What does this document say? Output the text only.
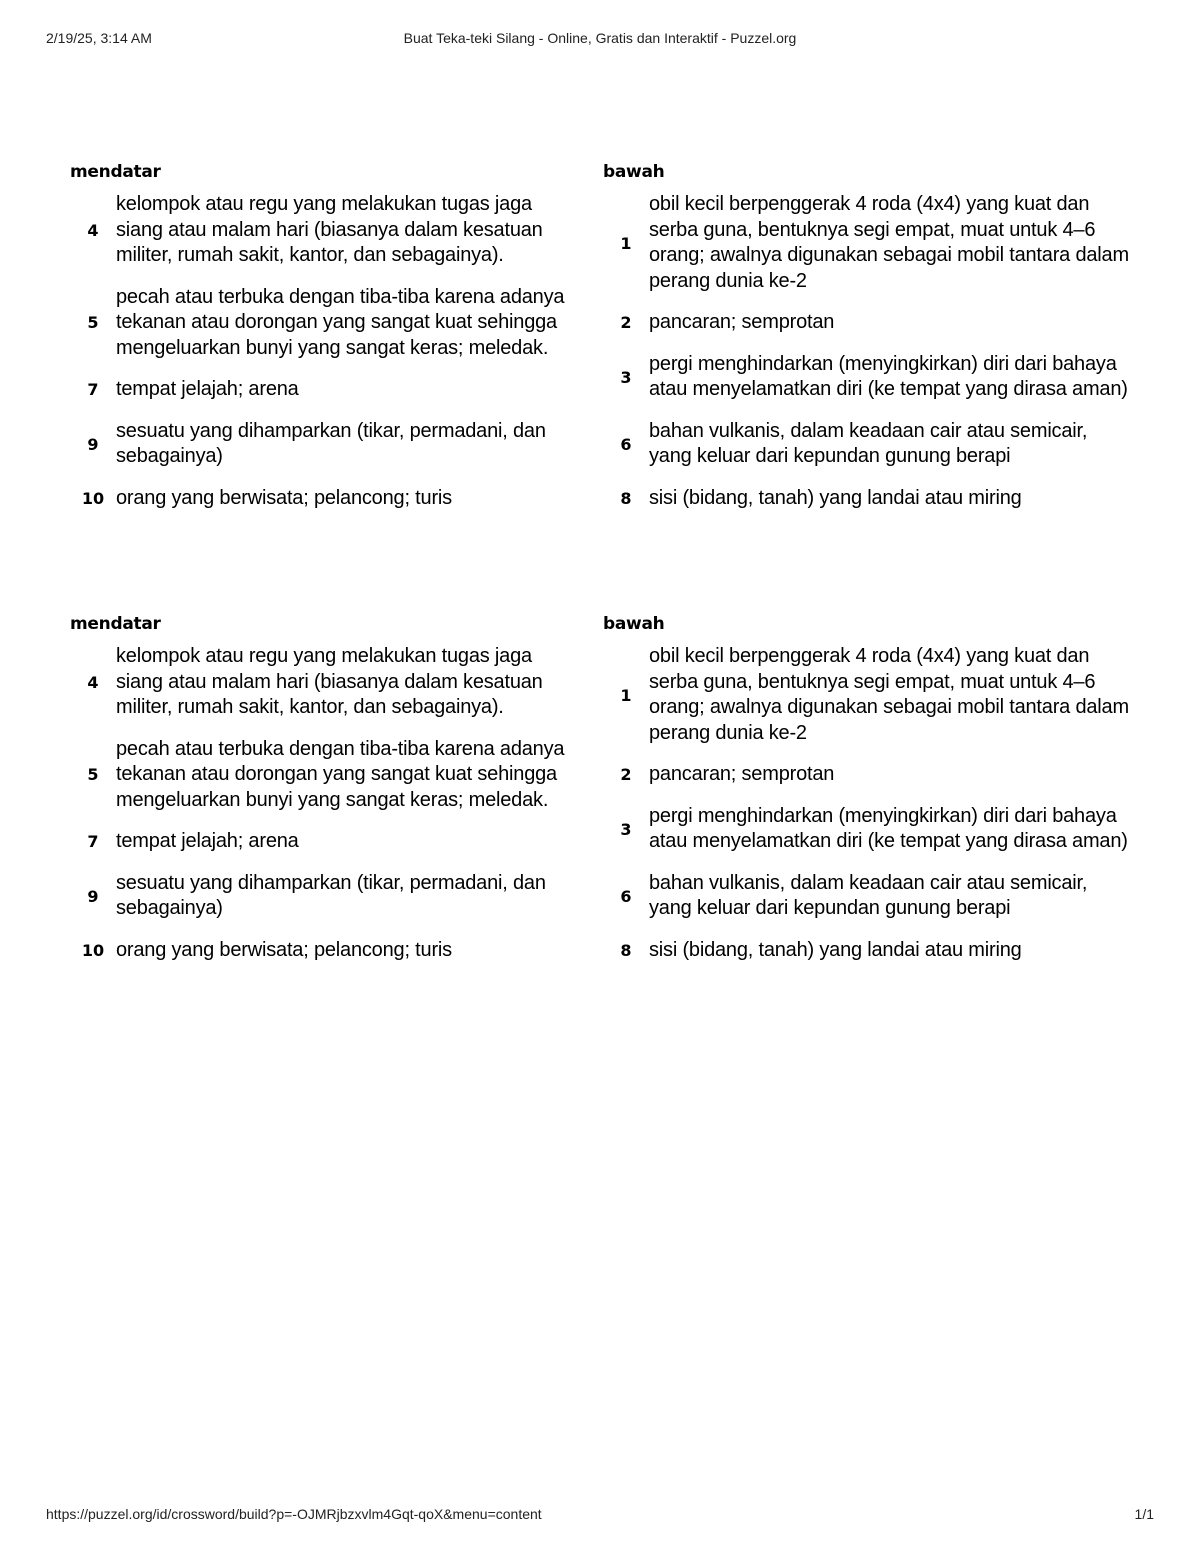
2/19/25, 3:14 AM	Buat Teka-teki Silang - Online, Gratis dan Interaktif - Puzzel.org
mendatar
4
kelompok atau regu yang melakukan tugas jaga siang atau malam hari (biasanya dalam kesatuan militer, rumah sakit, kantor, dan sebagainya).
5
pecah atau terbuka dengan tiba-tiba karena adanya tekanan atau dorongan yang sangat kuat sehingga mengeluarkan bunyi yang sangat keras; meledak.
7 tempat jelajah; arena
9
sesuatu yang dihamparkan (tikar, permadani, dan sebagainya)
10 orang yang berwisata; pelancong; turis
bawah
1
obil kecil berpenggerak 4 roda (4x4) yang kuat dan serba guna, bentuknya segi empat, muat untuk 4–6 orang; awalnya digunakan sebagai mobil tantara dalam perang dunia ke-2
2 pancaran; semprotan
3
pergi menghindarkan (menyingkirkan) diri dari bahaya atau menyelamatkan diri (ke tempat yang dirasa aman)
6
bahan vulkanis, dalam keadaan cair atau semicair, yang keluar dari kepundan gunung berapi
8 sisi (bidang, tanah) yang landai atau miring
mendatar
4
kelompok atau regu yang melakukan tugas jaga siang atau malam hari (biasanya dalam kesatuan militer, rumah sakit, kantor, dan sebagainya).
5
pecah atau terbuka dengan tiba-tiba karena adanya tekanan atau dorongan yang sangat kuat sehingga mengeluarkan bunyi yang sangat keras; meledak.
7 tempat jelajah; arena
9
sesuatu yang dihamparkan (tikar, permadani, dan sebagainya)
10 orang yang berwisata; pelancong; turis
bawah
1
obil kecil berpenggerak 4 roda (4x4) yang kuat dan serba guna, bentuknya segi empat, muat untuk 4–6 orang; awalnya digunakan sebagai mobil tantara dalam perang dunia ke-2
2 pancaran; semprotan
3
pergi menghindarkan (menyingkirkan) diri dari bahaya atau menyelamatkan diri (ke tempat yang dirasa aman)
6
bahan vulkanis, dalam keadaan cair atau semicair, yang keluar dari kepundan gunung berapi
8 sisi (bidang, tanah) yang landai atau miring
https://puzzel.org/id/crossword/build?p=-OJMRjbzxvlm4Gqt-qoX&menu=content	1/1
